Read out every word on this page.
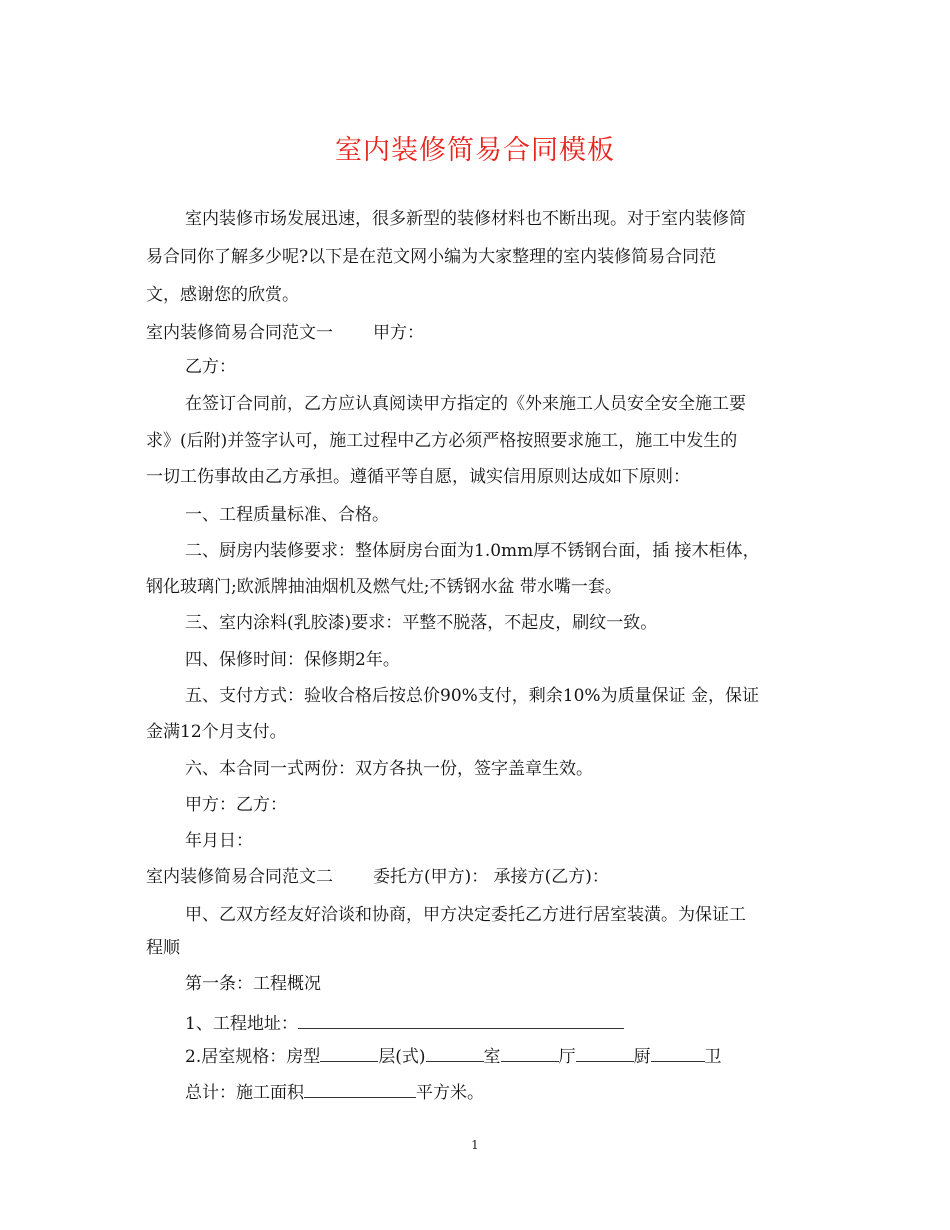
室内装修简易合同模板
室内装修市场发展迅速，很多新型的装修材料也不断出现。对于室内装修简
易合同你了解多少呢?以下是在范文网小编为大家整理的室内装修简易合同范
文，感谢您的欣赏。
室内装修简易合同范文一 甲方：
乙方：
在签订合同前，乙方应认真阅读甲方指定的《外来施工人员安全安全施工要
求》(后附)并签字认可，施工过程中乙方必须严格按照要求施工，施工中发生的
一切工伤事故由乙方承担。遵循平等自愿，诚实信用原则达成如下原则：
一、工程质量标准、合格。
二、厨房内装修要求：整体厨房台面为1.0mm厚不锈钢台面，插 接木柜体，
钢化玻璃门;欧派牌抽油烟机及燃气灶;不锈钢水盆 带水嘴一套。
三、室内涂料(乳胶漆)要求：平整不脱落，不起皮，刷纹一致。
四、保修时间：保修期2年。
五、支付方式：验收合格后按总价90%支付，剩余10%为质量保证 金，保证
金满12个月支付。
六、本合同一式两份：双方各执一份，签字盖章生效。
甲方：乙方：
年月日：
室内装修简易合同范文二 委托方(甲方)： 承接方(乙方)：
甲、乙双方经友好洽谈和协商，甲方决定委托乙方进行居室装潢。为保证工
程顺
第一条：工程概况
1、工程地址：
2.居室规格：房型	层(式)	室	厅	厨	卫
总计：施工面积	平方米。
1
